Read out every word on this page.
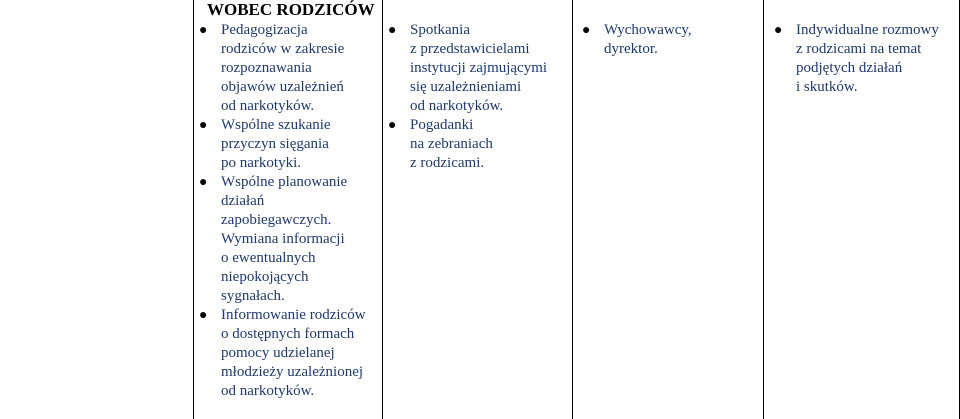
WOBEC RODZICÓW
● Pedagogizacja
rodziców w zakresie
rozpoznawania
objawów uzależnień
od narkotyków.
● Wspólne szukanie
przyczyn sięgania
po narkotyki.
● Wspólne planowanie
działań
zapobiegawczych.
Wymiana informacji
o ewentualnych
niepokojących
sygnałach.
● Informowanie rodziców
o dostępnych formach
pomocy udzielanej
młodzieży uzależnionej
od narkotyków.
● Spotkania
z przedstawicielami
instytucji zajmującymi
się uzależnieniami
od narkotyków.
● Pogadanki
na zebraniach
z rodzicami.
● Wychowawcy,
dyrektor.
● Indywidualne rozmowy
z rodzicami na temat
podjętych działań
i skutków.
